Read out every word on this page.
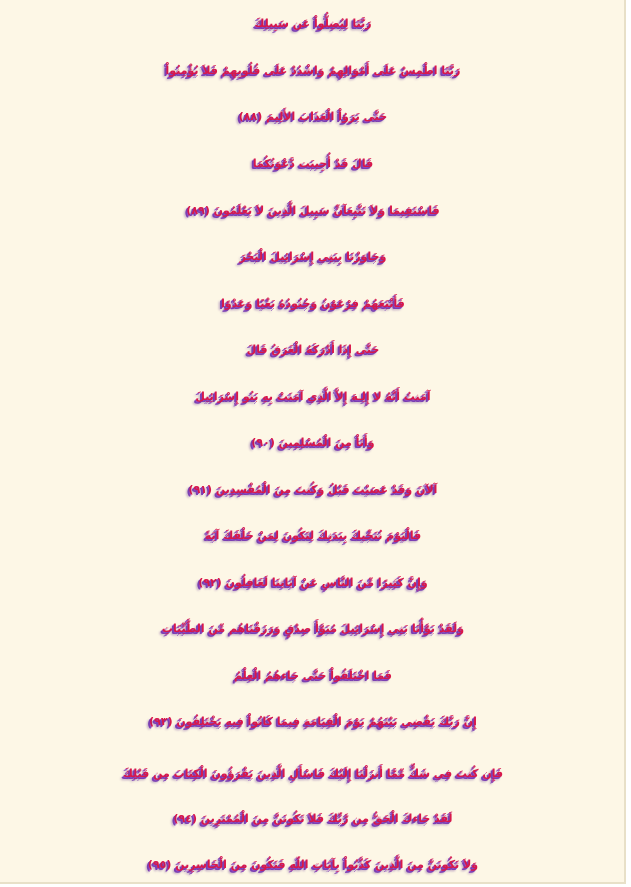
رَبَّنَا لِيُضِلُّواْ عَن سَبِيلِكَ
رَبَّنَا اطْمِسْ عَلَى أَمْوَالِهِمْ وَاشْدُدْ عَلَى قُلُوبِهِمْ فَلاَ يُؤْمِنُواْ
حَتَّى يَرَوُاْ الْعَذَابَ الأَلِيمَ (٨٨)
قَالَ قَدْ أُجِيبَت دَّعْوَتُكُمَا
فَاسْتَقِيمَا وَلاَ تَتَّبِعَآنِّ سَبِيلَ الَّذِينَ لاَ يَعْلَمُونَ (٨٩)
وَجَاوَزْنَا بِبَنِي إِسْرَائِيلَ الْبَحْرَ
فَأَتْبَعَهُمْ فِرْعَوْنُ وَجُنُودُهُ بَغْيًا وَعَدْوًا
حَتَّى إِذَا أَدْرَكَهُ الْغَرَقُ قَالَ
آمَنتُ أَنَّهُ لا إِلِـهَ إِلاَّ الَّذِي آمَنَتْ بِهِ بَنُو إِسْرَائِيلَ
وَأَنَاْ مِنَ الْمُسْلِمِينَ (٩٠)
آلآنَ وَقَدْ عَصَيْتَ قَبْلُ وَكُنتَ مِنَ الْمُفْسِدِينَ (٩١)
فَالْيَوْمَ نُنَجِّيكَ بِبَدَنِكَ لِتَكُونَ لِمَنْ خَلْفَكَ آيَةً
وَإِنَّ كَثِيرًا مِّنَ النَّاسِ عَنْ آيَاتِنَا لَغَافِلُونَ (٩٢)
وَلَقَدْ بَوَّأْنَا بَنِي إِسْرَائِيلَ مُبَوَّأَ صِدْقٍ وَرَزَقْنَاهُم مِّنَ الطَّيِّبَاتِ
فَمَا اخْتَلَفُواْ حَتَّى جَاءهُمُ الْعِلْمُ
إِنَّ رَبَّكَ يَقْضِي بَيْنَهُمْ يَوْمَ الْقِيَامَةِ فِيمَا كَانُواْ فِيهِ يَخْتَلِفُونَ (٩٣)
فَإِن كُنتَ فِي شَكٍّ مِّمَّا أَنزَلْنَا إِلَيْكَ فَاسْأَلِ الَّذِينَ يَقْرَؤُونَ الْكِتَابَ مِن قَبْلِكَ
لَقَدْ جَاءكَ الْحَقُّ مِن رَّبِّكَ فَلاَ تَكُونَنَّ مِنَ الْمُمْتَرِينَ (٩٤)
وَلاَ تَكُونَنَّ مِنَ الَّذِينَ كَذَّبُواْ بِآيَاتِ اللّهِ فَتَكُونَ مِنَ الْخَاسِرِينَ (٩٥)
